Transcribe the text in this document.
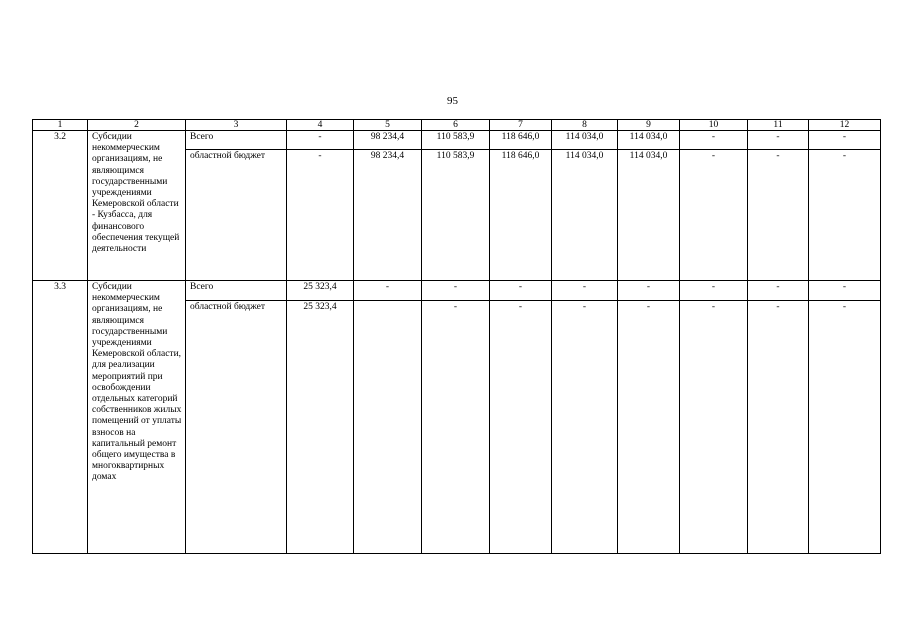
95
1	2	3	4	5	6	7	8	9	10	11	12
3.2	Субсидии некоммерческим организациям, не являющимся государственными учреждениями Кемеровской области - Кузбасса, для финансового обеспечения текущей деятельности	Всего	-	98 234,4	110 583,9	118 646,0	114 034,0	114 034,0	-	-	-
		областной бюджет	-	98 234,4	110 583,9	118 646,0	114 034,0	114 034,0	-	-	-
3.3	Субсидии некоммерческим организациям, не являющимся государственными учреждениями Кемеровской области, для реализации мероприятий при освобождении отдельных категорий собственников жилых помещений от уплаты взносов на капитальный ремонт общего имущества в многоквартирных домах	Всего	25 323,4	-	-	-	-	-	-	-	-
		областной бюджет	25 323,4		-	-	-	-	-	-	-
